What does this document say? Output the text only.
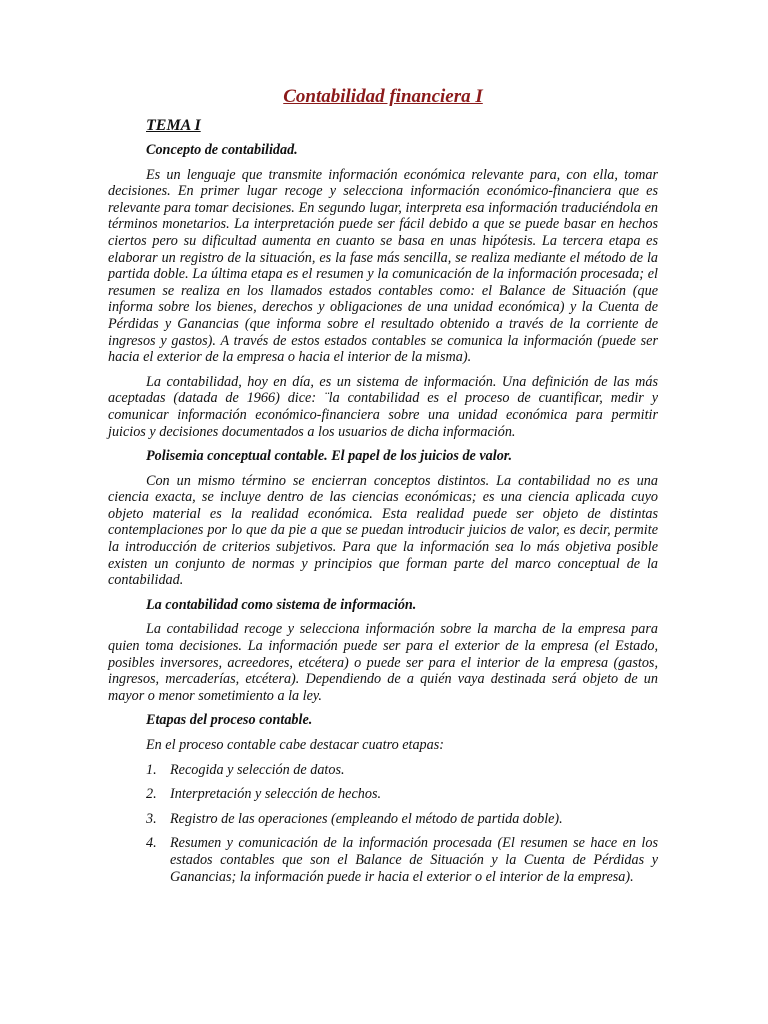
Contabilidad financiera I
TEMA I
Concepto de contabilidad.

Es un lenguaje que transmite información económica relevante para, con ella, tomar decisiones. En primer lugar recoge y selecciona información económico-financiera que es relevante para tomar decisiones. En segundo lugar, interpreta esa información traduciéndola en términos monetarios. La interpretación puede ser fácil debido a que se puede basar en hechos ciertos pero su dificultad aumenta en cuanto se basa en unas hipótesis. La tercera etapa es elaborar un registro de la situación, es la fase más sencilla, se realiza mediante el método de la partida doble. La última etapa es el resumen y la comunicación de la información procesada; el resumen se realiza en los llamados estados contables como: el Balance de Situación (que informa sobre los bienes, derechos y obligaciones de una unidad económica) y la Cuenta de Pérdidas y Ganancias (que informa sobre el resultado obtenido a través de la corriente de ingresos y gastos). A través de estos estados contables se comunica la información (puede ser hacia el exterior de la empresa o hacia el interior de la misma).

La contabilidad, hoy en día, es un sistema de información. Una definición de las más aceptadas (datada de 1966) dice: ¨la contabilidad es el proceso de cuantificar, medir y comunicar información económico-financiera sobre una unidad económica para permitir juicios y decisiones documentados a los usuarios de dicha información.

Polisemia conceptual contable. El papel de los juicios de valor.

Con un mismo término se encierran conceptos distintos. La contabilidad no es una ciencia exacta, se incluye dentro de las ciencias económicas; es una ciencia aplicada cuyo objeto material es la realidad económica. Esta realidad puede ser objeto de distintas contemplaciones por lo que da pie a que se puedan introducir juicios de valor, es decir, permite la introducción de criterios subjetivos. Para que la información sea lo más objetiva posible existen un conjunto de normas y principios que forman parte del marco conceptual de la contabilidad.

La contabilidad como sistema de información.

La contabilidad recoge y selecciona información sobre la marcha de la empresa para quien toma decisiones. La información puede ser para el exterior de la empresa (el Estado, posibles inversores, acreedores, etcétera) o puede ser para el interior de la empresa (gastos, ingresos, mercaderías, etcétera). Dependiendo de a quién vaya destinada será objeto de un mayor o menor sometimiento a la ley.

Etapas del proceso contable.
En el proceso contable cabe destacar cuatro etapas:
1. Recogida y selección de datos.
2. Interpretación y selección de hechos.
3. Registro de las operaciones (empleando el método de partida doble).
4. Resumen y comunicación de la información procesada (El resumen se hace en los estados contables que son el Balance de Situación y la Cuenta de Pérdidas y Ganancias; la información puede ir hacia el exterior o el interior de la empresa).
